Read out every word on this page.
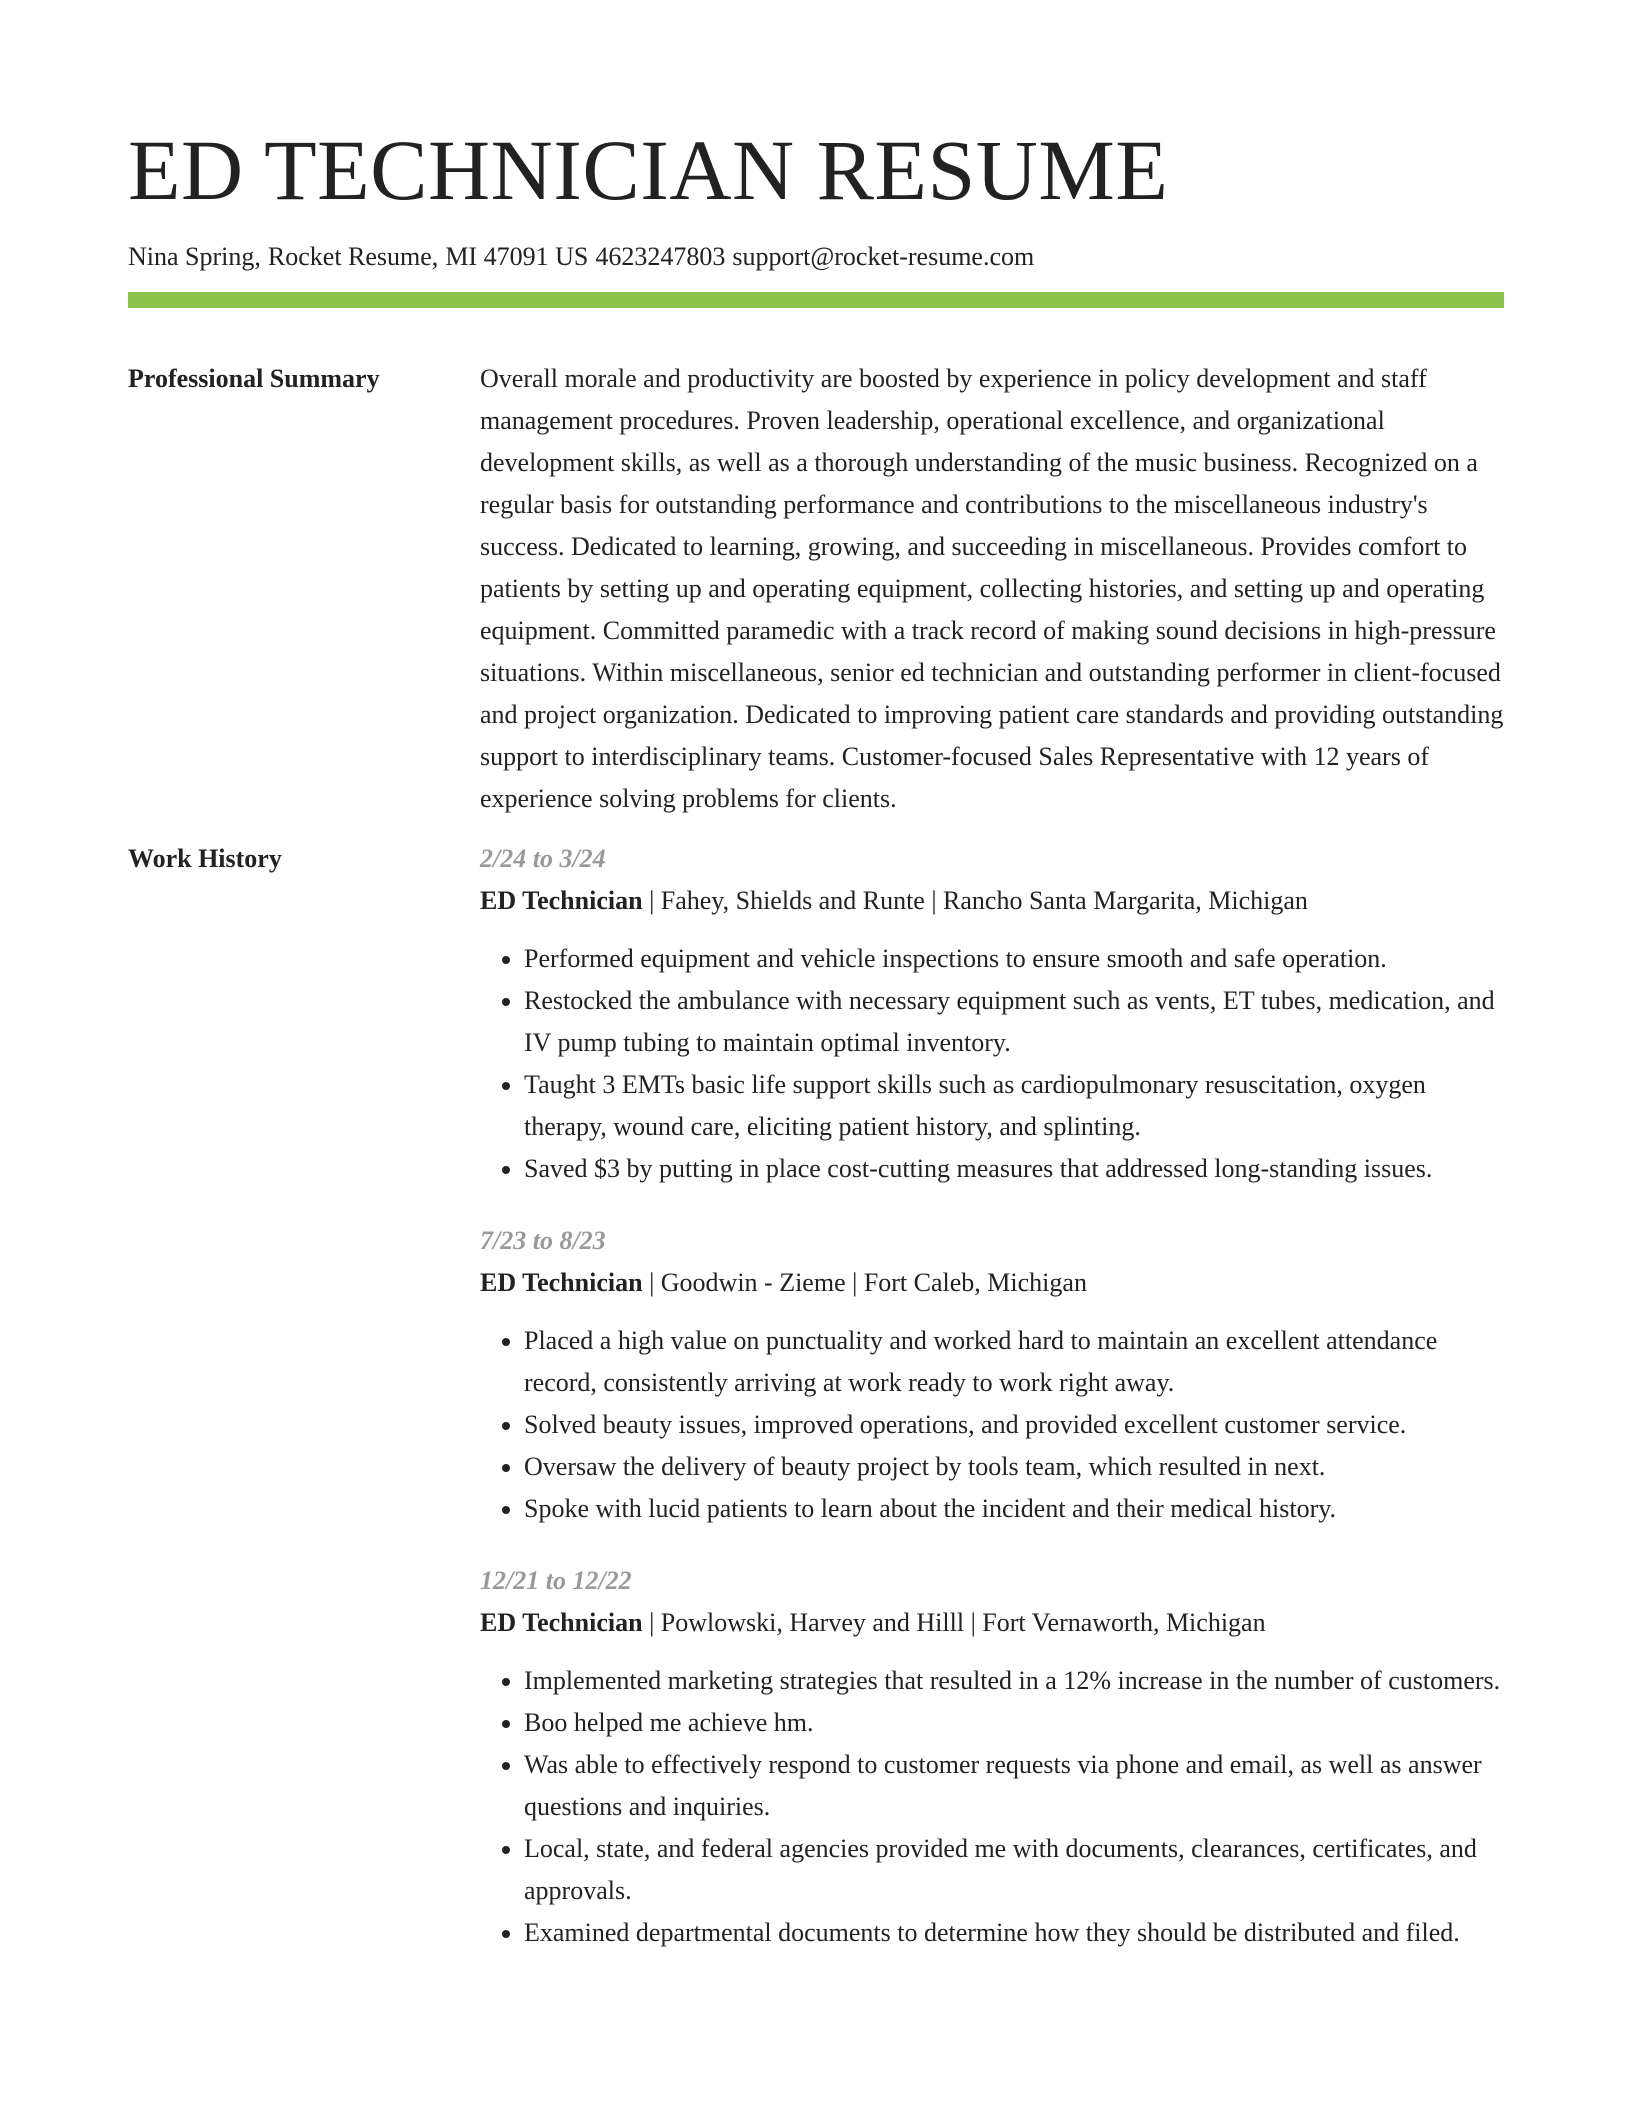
ED TECHNICIAN RESUME
Nina Spring, Rocket Resume, MI 47091 US 4623247803 support@rocket-resume.com
Professional Summary	Overall morale and productivity are boosted by experience in policy development and staff management procedures. Proven leadership, operational excellence, and organizational development skills, as well as a thorough understanding of the music business. Recognized on a regular basis for outstanding performance and contributions to the miscellaneous industry's success. Dedicated to learning, growing, and succeeding in miscellaneous. Provides comfort to patients by setting up and operating equipment, collecting histories, and setting up and operating equipment. Committed paramedic with a track record of making sound decisions in high-pressure situations. Within miscellaneous, senior ed technician and outstanding performer in client-focused and project organization. Dedicated to improving patient care standards and providing outstanding support to interdisciplinary teams. Customer-focused Sales Representative with 12 years of experience solving problems for clients.
Work History	2/24 to 3/24
ED Technician | Fahey, Shields and Runte | Rancho Santa Margarita, Michigan
• Performed equipment and vehicle inspections to ensure smooth and safe operation.
• Restocked the ambulance with necessary equipment such as vents, ET tubes, medication, and IV pump tubing to maintain optimal inventory.
• Taught 3 EMTs basic life support skills such as cardiopulmonary resuscitation, oxygen therapy, wound care, eliciting patient history, and splinting.
• Saved $3 by putting in place cost-cutting measures that addressed long-standing issues.
7/23 to 8/23
ED Technician | Goodwin - Zieme | Fort Caleb, Michigan
• Placed a high value on punctuality and worked hard to maintain an excellent attendance record, consistently arriving at work ready to work right away.
• Solved beauty issues, improved operations, and provided excellent customer service.
• Oversaw the delivery of beauty project by tools team, which resulted in next.
• Spoke with lucid patients to learn about the incident and their medical history.
12/21 to 12/22
ED Technician | Powlowski, Harvey and Hilll | Fort Vernaworth, Michigan
• Implemented marketing strategies that resulted in a 12% increase in the number of customers.
• Boo helped me achieve hm.
• Was able to effectively respond to customer requests via phone and email, as well as answer questions and inquiries.
• Local, state, and federal agencies provided me with documents, clearances, certificates, and approvals.
• Examined departmental documents to determine how they should be distributed and filed.
